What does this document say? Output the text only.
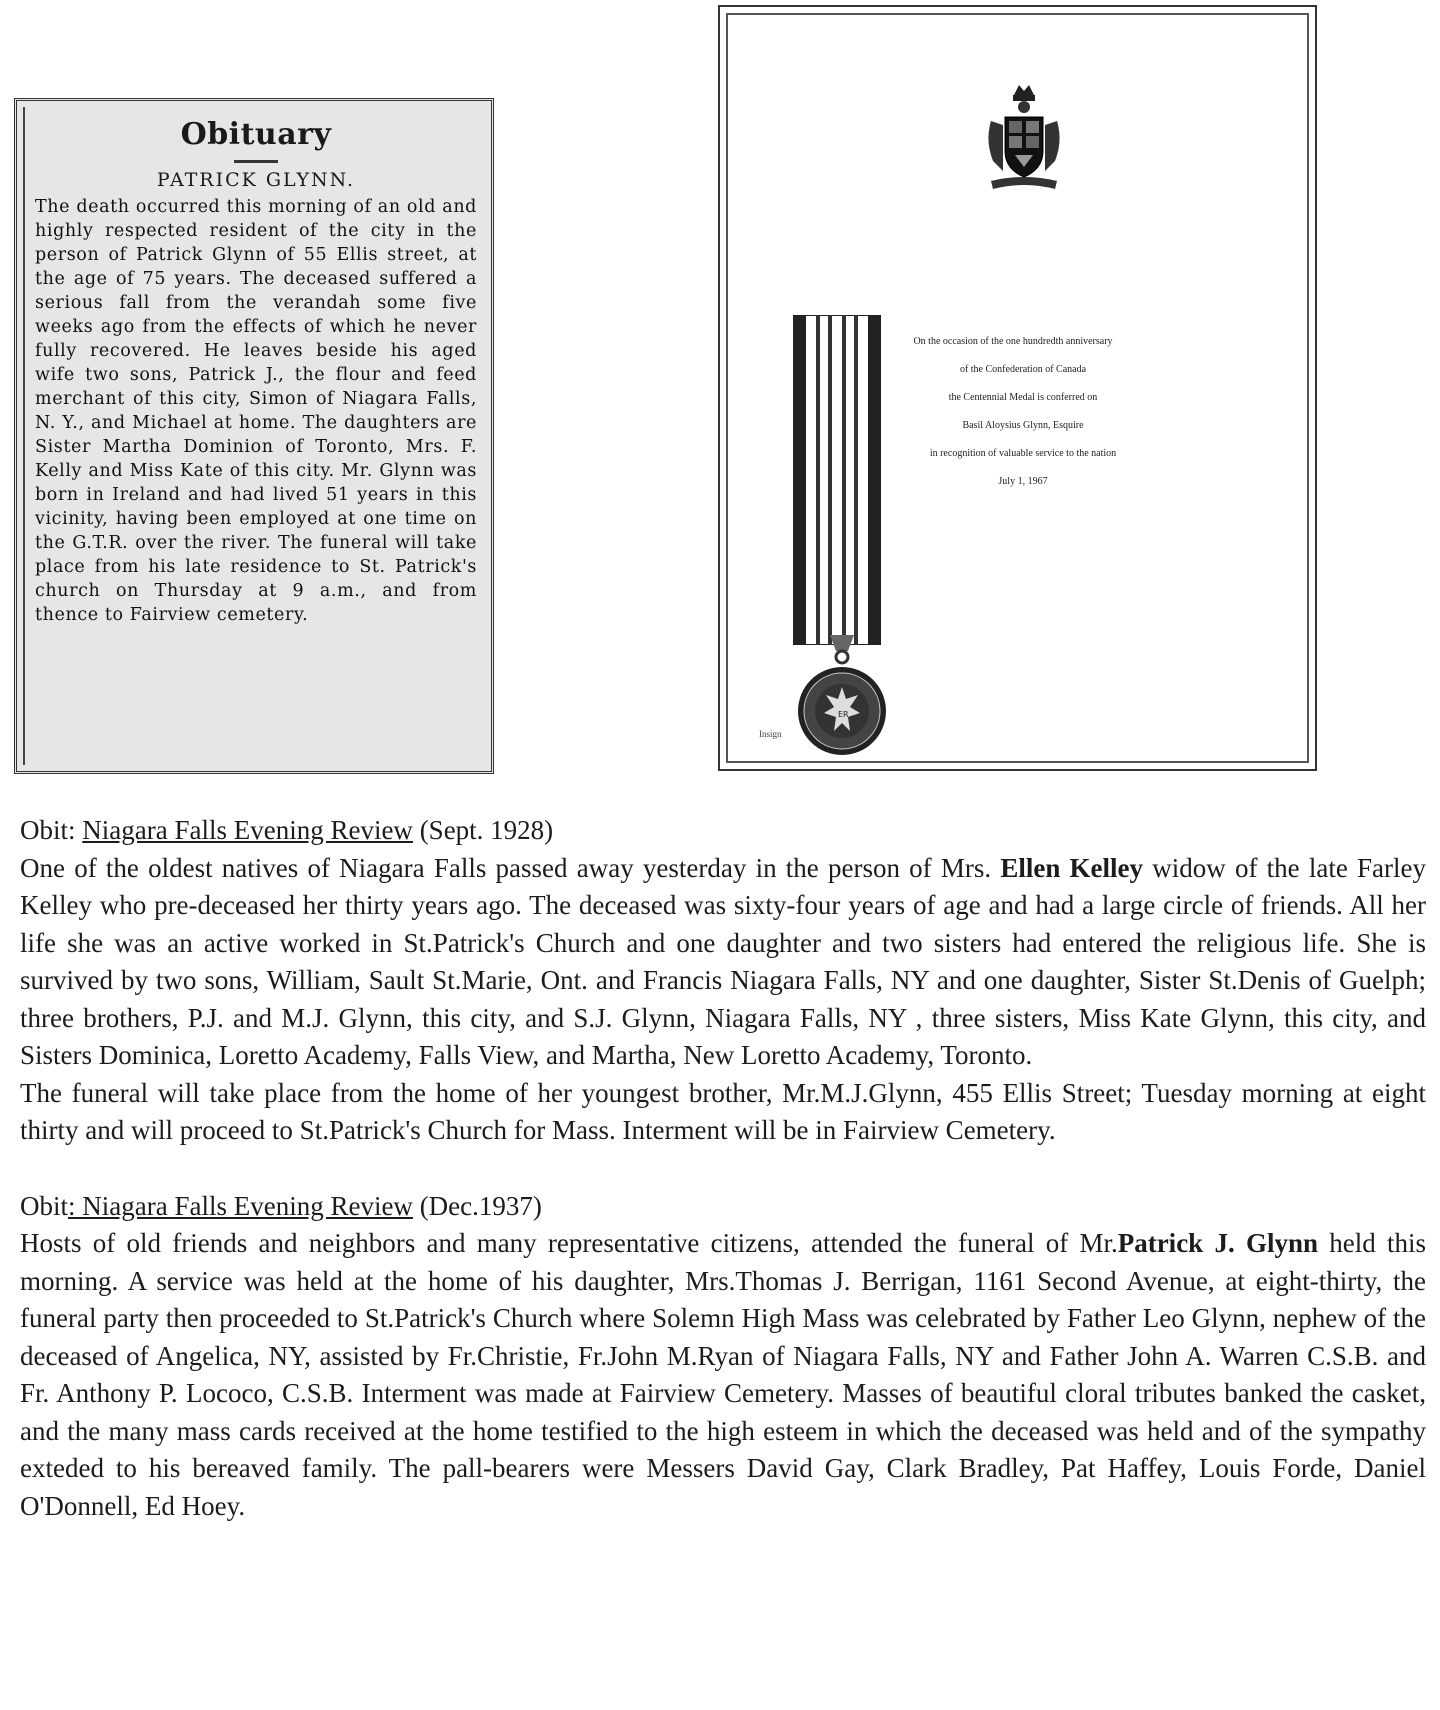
Obituary
PATRICK GLYNN.
The death occurred this morning of an old and highly respected resident of the city in the person of Patrick Glynn of 55 Ellis street, at the age of 75 years. The deceased suffered a serious fall from the verandah some five weeks ago from the effects of which he never fully recovered. He leaves beside his aged wife two sons, Patrick J., the flour and feed merchant of this city, Simon of Niagara Falls, N. Y., and Michael at home. The daughters are Sister Martha Dominion of Toronto, Mrs. F. Kelly and Miss Kate of this city. Mr. Glynn was born in Ireland and had lived 51 years in this vicinity, having been employed at one time on the G.T.R. over the river. The funeral will take place from his late residence to St. Patrick's church on Thursday at 9 a.m., and from thence to Fairview cemetery.
ER
On the occasion of the one hundredth anniversary
of the Confederation of Canada
the Centennial Medal is conferred on
Basil Aloysius Glynn, Esquire
in recognition of valuable service to the nation
July 1, 1967
Insign
Obit: Niagara Falls Evening Review (Sept. 1928)
One of the oldest natives of Niagara Falls passed away yesterday in the person of Mrs. Ellen Kelley widow of the late Farley Kelley who pre-deceased her thirty years ago. The deceased was sixty-four years of age and had a large circle of friends. All her life she was an active worked in St.Patrick's Church and one daughter and two sisters had entered the religious life. She is survived by two sons, William, Sault St.Marie, Ont. and Francis Niagara Falls, NY and one daughter, Sister St.Denis of Guelph; three brothers, P.J. and M.J. Glynn, this city, and S.J. Glynn, Niagara Falls, NY , three sisters, Miss Kate Glynn, this city, and Sisters Dominica, Loretto Academy, Falls View, and Martha, New Loretto Academy, Toronto.
The funeral will take place from the home of her youngest brother, Mr.M.J.Glynn, 455 Ellis Street; Tuesday morning at eight thirty and will proceed to St.Patrick's Church for Mass. Interment will be in Fairview Cemetery.
Obit: Niagara Falls Evening Review (Dec.1937)
Hosts of old friends and neighbors and many representative citizens, attended the funeral of Mr.Patrick J. Glynn held this morning. A service was held at the home of his daughter, Mrs.Thomas J. Berrigan, 1161 Second Avenue, at eight-thirty, the funeral party then proceeded to St.Patrick's Church where Solemn High Mass was celebrated by Father Leo Glynn, nephew of the deceased of Angelica, NY, assisted by Fr.Christie, Fr.John M.Ryan of Niagara Falls, NY and Father John A. Warren C.S.B. and Fr. Anthony P. Lococo, C.S.B. Interment was made at Fairview Cemetery. Masses of beautiful cloral tributes banked the casket, and the many mass cards received at the home testified to the high esteem in which the deceased was held and of the sympathy exteded to his bereaved family. The pall-bearers were Messers David Gay, Clark Bradley, Pat Haffey, Louis Forde, Daniel O'Donnell, Ed Hoey.
